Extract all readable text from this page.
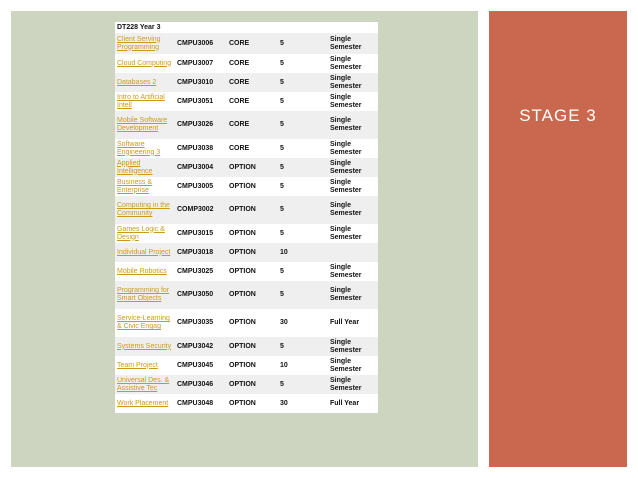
STAGE 3
DT228 Year 3				
Client Serving Programming	CMPU3006	CORE	5	Single Semester
Cloud Computing	CMPU3007	CORE	5	Single Semester
Databases 2	CMPU3010	CORE	5	Single Semester
Intro to Artificial Intell	CMPU3051	CORE	5	Single Semester
Mobile Software Development	CMPU3026	CORE	5	Single Semester
Software Engineering 3	CMPU3038	CORE	5	Single Semester
Applied Intelligence	CMPU3004	OPTION	5	Single Semester
Business & Enterprise	CMPU3005	OPTION	5	Single Semester
Computing in the Community	COMP3002	OPTION	5	Single Semester
Games Logic & Design	CMPU3015	OPTION	5	Single Semester
Individual Project	CMPU3018	OPTION	10	
Mobile Robotics	CMPU3025	OPTION	5	Single Semester
Programming for Smart Objects	CMPU3050	OPTION	5	Single Semester
Service-Learning & Civic Engag	CMPU3035	OPTION	30	Full Year
Systems Security	CMPU3042	OPTION	5	Single Semester
Team Project	CMPU3045	OPTION	10	Single Semester
Universal Des. & Assistive Tec	CMPU3046	OPTION	5	Single Semester
Work Placement	CMPU3048	OPTION	30	Full Year
